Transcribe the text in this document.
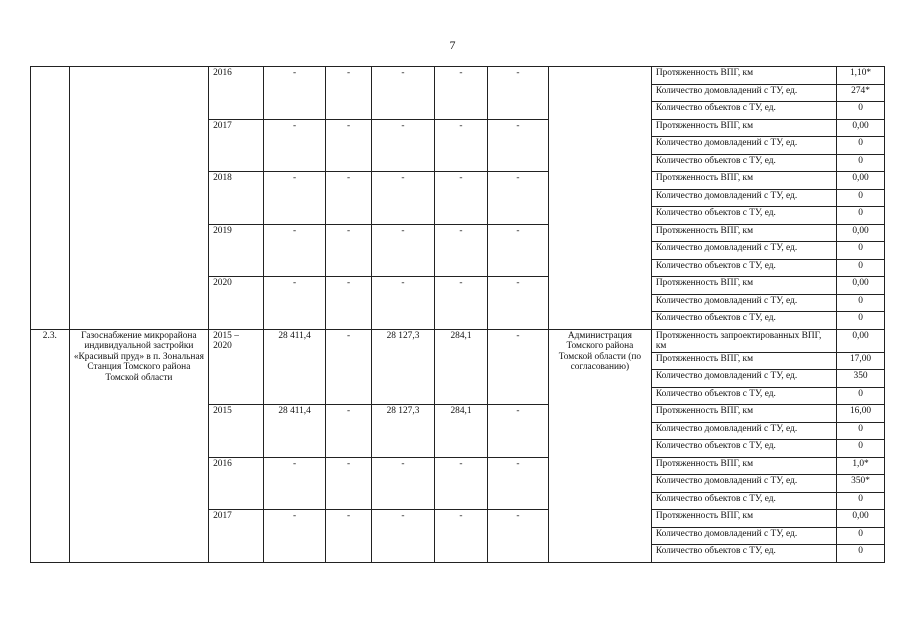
7
		2016	-	-	-	-	-		Протяженность ВПГ, км	1,10*
									Количество домовладений с ТУ, ед.	274*
									Количество объектов с ТУ, ед.	0
		2017	-	-	-	-	-		Протяженность ВПГ, км	0,00
									Количество домовладений с ТУ, ед.	0
									Количество объектов с ТУ, ед.	0
		2018	-	-	-	-	-		Протяженность ВПГ, км	0,00
									Количество домовладений с ТУ, ед.	0
									Количество объектов с ТУ, ед.	0
		2019	-	-	-	-	-		Протяженность ВПГ, км	0,00
									Количество домовладений с ТУ, ед.	0
									Количество объектов с ТУ, ед.	0
		2020	-	-	-	-	-		Протяженность ВПГ, км	0,00
									Количество домовладений с ТУ, ед.	0
									Количество объектов с ТУ, ед.	0
2.3.	Газоснабжение микрорайона индивидуальной застройки «Красивый пруд» в п. Зональная Станция Томского района Томской области	2015 – 2020	28 411,4	-	28 127,3	284,1	-	Администрация Томского района Томской области (по согласованию)	Протяженность запроектированных ВПГ, км	0,00
									Протяженность ВПГ, км	17,00
									Количество домовладений с ТУ, ед.	350
									Количество объектов с ТУ, ед.	0
		2015	28 411,4	-	28 127,3	284,1	-		Протяженность ВПГ, км	16,00
									Количество домовладений с ТУ, ед.	0
									Количество объектов с ТУ, ед.	0
		2016	-	-	-	-	-		Протяженность ВПГ, км	1,0*
									Количество домовладений с ТУ, ед.	350*
									Количество объектов с ТУ, ед.	0
		2017	-	-	-	-	-		Протяженность ВПГ, км	0,00
									Количество домовладений с ТУ, ед.	0
									Количество объектов с ТУ, ед.	0
